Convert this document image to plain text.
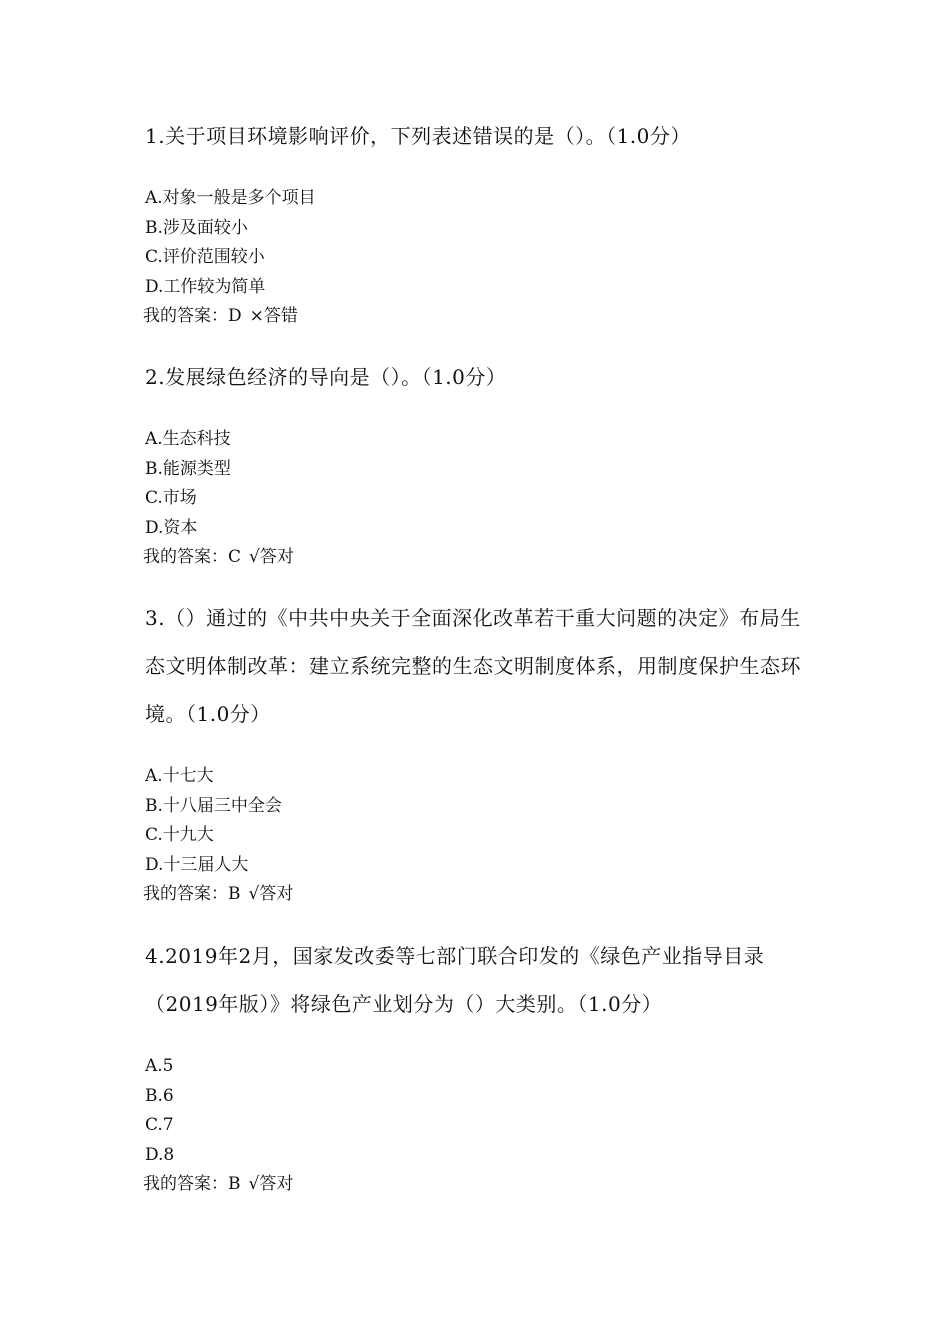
1.关于项目环境影响评价，下列表述错误的是（）。（1.0分）

A.对象一般是多个项目
B.涉及面较小
C.评价范围较小
D.工作较为简单
我的答案：D ×答错

2.发展绿色经济的导向是（）。（1.0分）

A.生态科技
B.能源类型
C.市场
D.资本
我的答案：C √答对

3.（）通过的《中共中央关于全面深化改革若干重大问题的决定》布局生态文明体制改革：建立系统完整的生态文明制度体系，用制度保护生态环境。（1.0分）

A.十七大
B.十八届三中全会
C.十九大
D.十三届人大
我的答案：B √答对

4.2019年2月，国家发改委等七部门联合印发的《绿色产业指导目录（2019年版）》将绿色产业划分为（）大类别。（1.0分）

A.5
B.6
C.7
D.8
我的答案：B √答对
